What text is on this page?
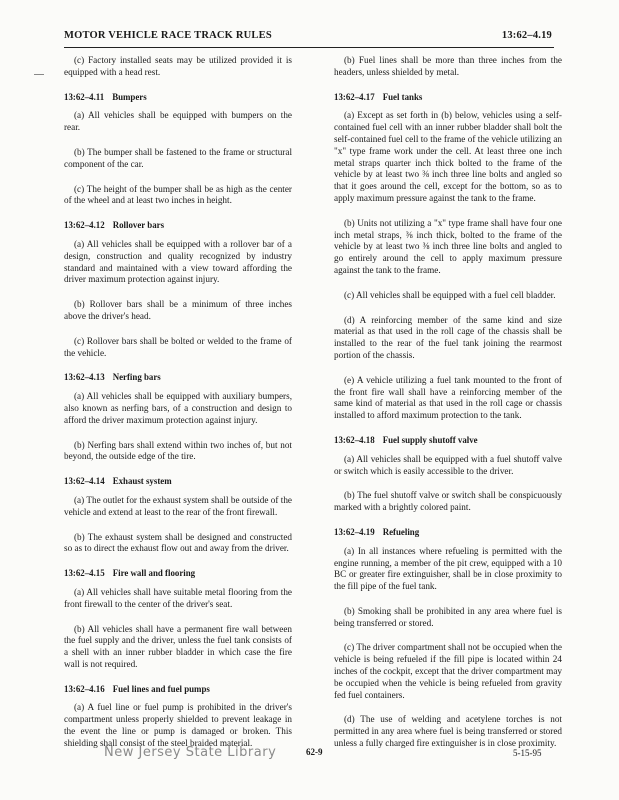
MOTOR VEHICLE RACE TRACK RULES	13:62–4.19

(c) Factory installed seats may be utilized provided it is equipped with a head rest.

13:62–4.11 Bumpers

(a) All vehicles shall be equipped with bumpers on the rear.

(b) The bumper shall be fastened to the frame or structural component of the car.

(c) The height of the bumper shall be as high as the center of the wheel and at least two inches in height.

13:62–4.12 Rollover bars

(a) All vehicles shall be equipped with a rollover bar of a design, construction and quality recognized by industry standard and maintained with a view toward affording the driver maximum protection against injury.

(b) Rollover bars shall be a minimum of three inches above the driver's head.

(c) Rollover bars shall be bolted or welded to the frame of the vehicle.

13:62–4.13 Nerfing bars

(a) All vehicles shall be equipped with auxiliary bumpers, also known as nerfing bars, of a construction and design to afford the driver maximum protection against injury.

(b) Nerfing bars shall extend within two inches of, but not beyond, the outside edge of the tire.

13:62–4.14 Exhaust system

(a) The outlet for the exhaust system shall be outside of the vehicle and extend at least to the rear of the front firewall.

(b) The exhaust system shall be designed and constructed so as to direct the exhaust flow out and away from the driver.

13:62–4.15 Fire wall and flooring

(a) All vehicles shall have suitable metal flooring from the front firewall to the center of the driver's seat.

(b) All vehicles shall have a permanent fire wall between the fuel supply and the driver, unless the fuel tank consists of a shell with an inner rubber bladder in which case the fire wall is not required.

13:62–4.16 Fuel lines and fuel pumps

(a) A fuel line or fuel pump is prohibited in the driver's compartment unless properly shielded to prevent leakage in the event the line or pump is damaged or broken. This shielding shall consist of the steel braided material.

(b) Fuel lines shall be more than three inches from the headers, unless shielded by metal.

13:62–4.17 Fuel tanks

(a) Except as set forth in (b) below, vehicles using a self-contained fuel cell with an inner rubber bladder shall bolt the self-contained fuel cell to the frame of the vehicle utilizing an "x" type frame work under the cell. At least three one inch metal straps quarter inch thick bolted to the frame of the vehicle by at least two ⅜ inch three line bolts and angled so that it goes around the cell, except for the bottom, so as to apply maximum pressure against the tank to the frame.

(b) Units not utilizing a "x" type frame shall have four one inch metal straps, ⅜ inch thick, bolted to the frame of the vehicle by at least two ⅜ inch three line bolts and angled to go entirely around the cell to apply maximum pressure against the tank to the frame.

(c) All vehicles shall be equipped with a fuel cell bladder.

(d) A reinforcing member of the same kind and size material as that used in the roll cage of the chassis shall be installed to the rear of the fuel tank joining the rearmost portion of the chassis.

(e) A vehicle utilizing a fuel tank mounted to the front of the front fire wall shall have a reinforcing member of the same kind of material as that used in the roll cage or chassis installed to afford maximum protection to the tank.

13:62–4.18 Fuel supply shutoff valve

(a) All vehicles shall be equipped with a fuel shutoff valve or switch which is easily accessible to the driver.

(b) The fuel shutoff valve or switch shall be conspicuously marked with a brightly colored paint.

13:62–4.19 Refueling

(a) In all instances where refueling is permitted with the engine running, a member of the pit crew, equipped with a 10 BC or greater fire extinguisher, shall be in close proximity to the fill pipe of the fuel tank.

(b) Smoking shall be prohibited in any area where fuel is being transferred or stored.

(c) The driver compartment shall not be occupied when the vehicle is being refueled if the fill pipe is located within 24 inches of the cockpit, except that the driver compartment may be occupied when the vehicle is being refueled from gravity fed fuel containers.

(d) The use of welding and acetylene torches is not permitted in any area where fuel is being transferred or stored unless a fully charged fire extinguisher is in close proximity.

New Jersey State Library	62-9	5-15-95
